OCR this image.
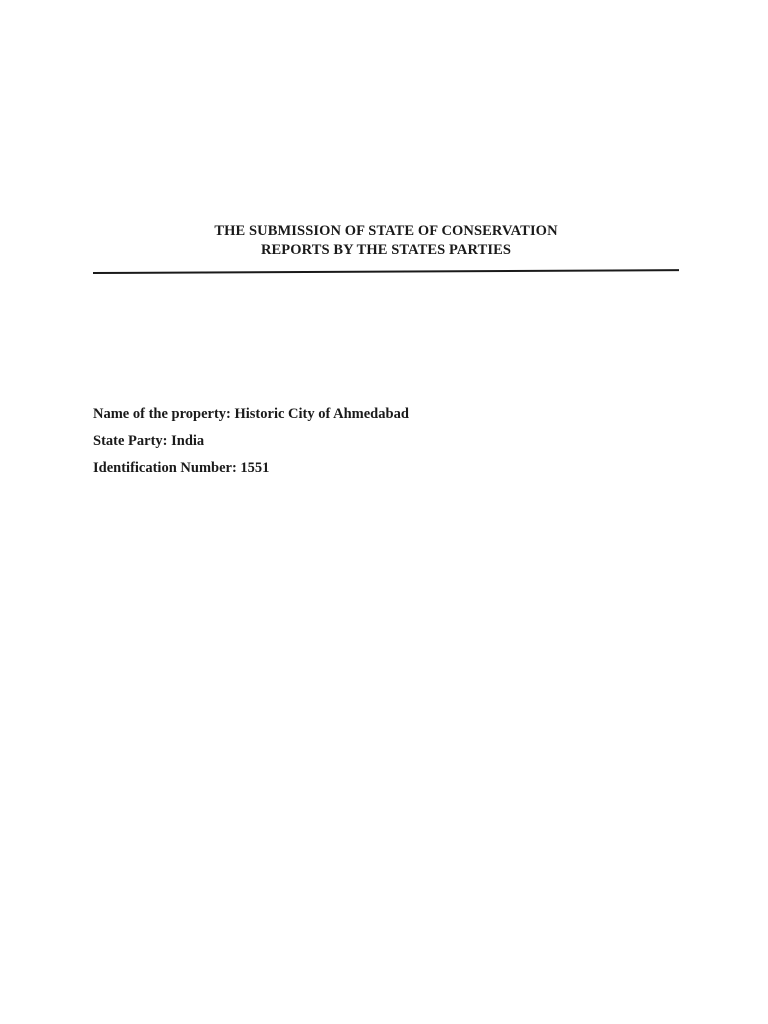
THE SUBMISSION OF STATE OF CONSERVATION

REPORTS BY THE STATES PARTIES

Name of the property: Historic City of Ahmedabad

State Party: India

Identification Number: 1551
